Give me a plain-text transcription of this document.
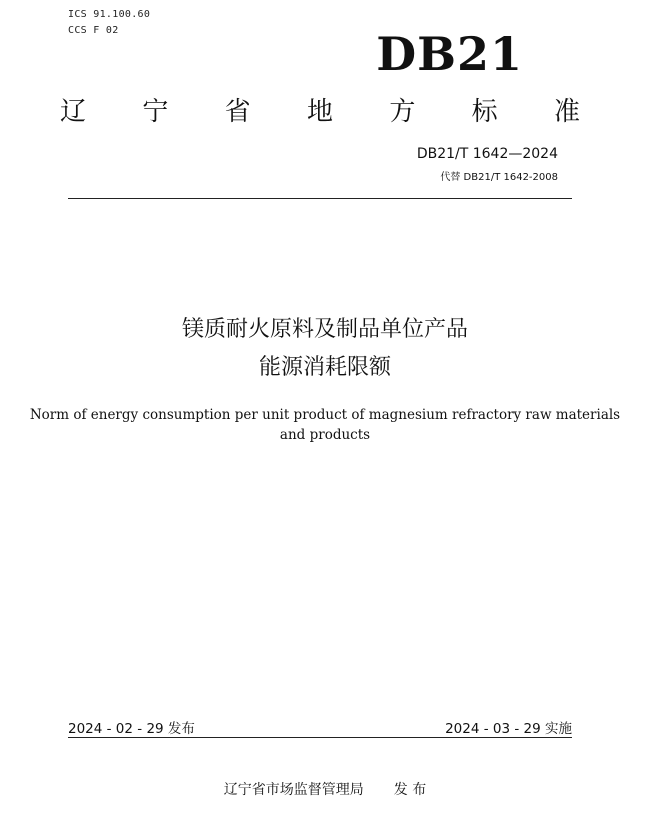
ICS 91.100.60
CCS F 02	DB21
辽 宁 省 地 方 标 准
DB21/T 1642—2024
代替 DB21/T 1642-2008
镁质耐火原料及制品单位产品
能源消耗限额
Norm of energy consumption per unit product of magnesium refractory raw materials
and products
2024 - 02 - 29 发布	2024 - 03 - 29 实施
辽宁省市场监督管理局 发 布
